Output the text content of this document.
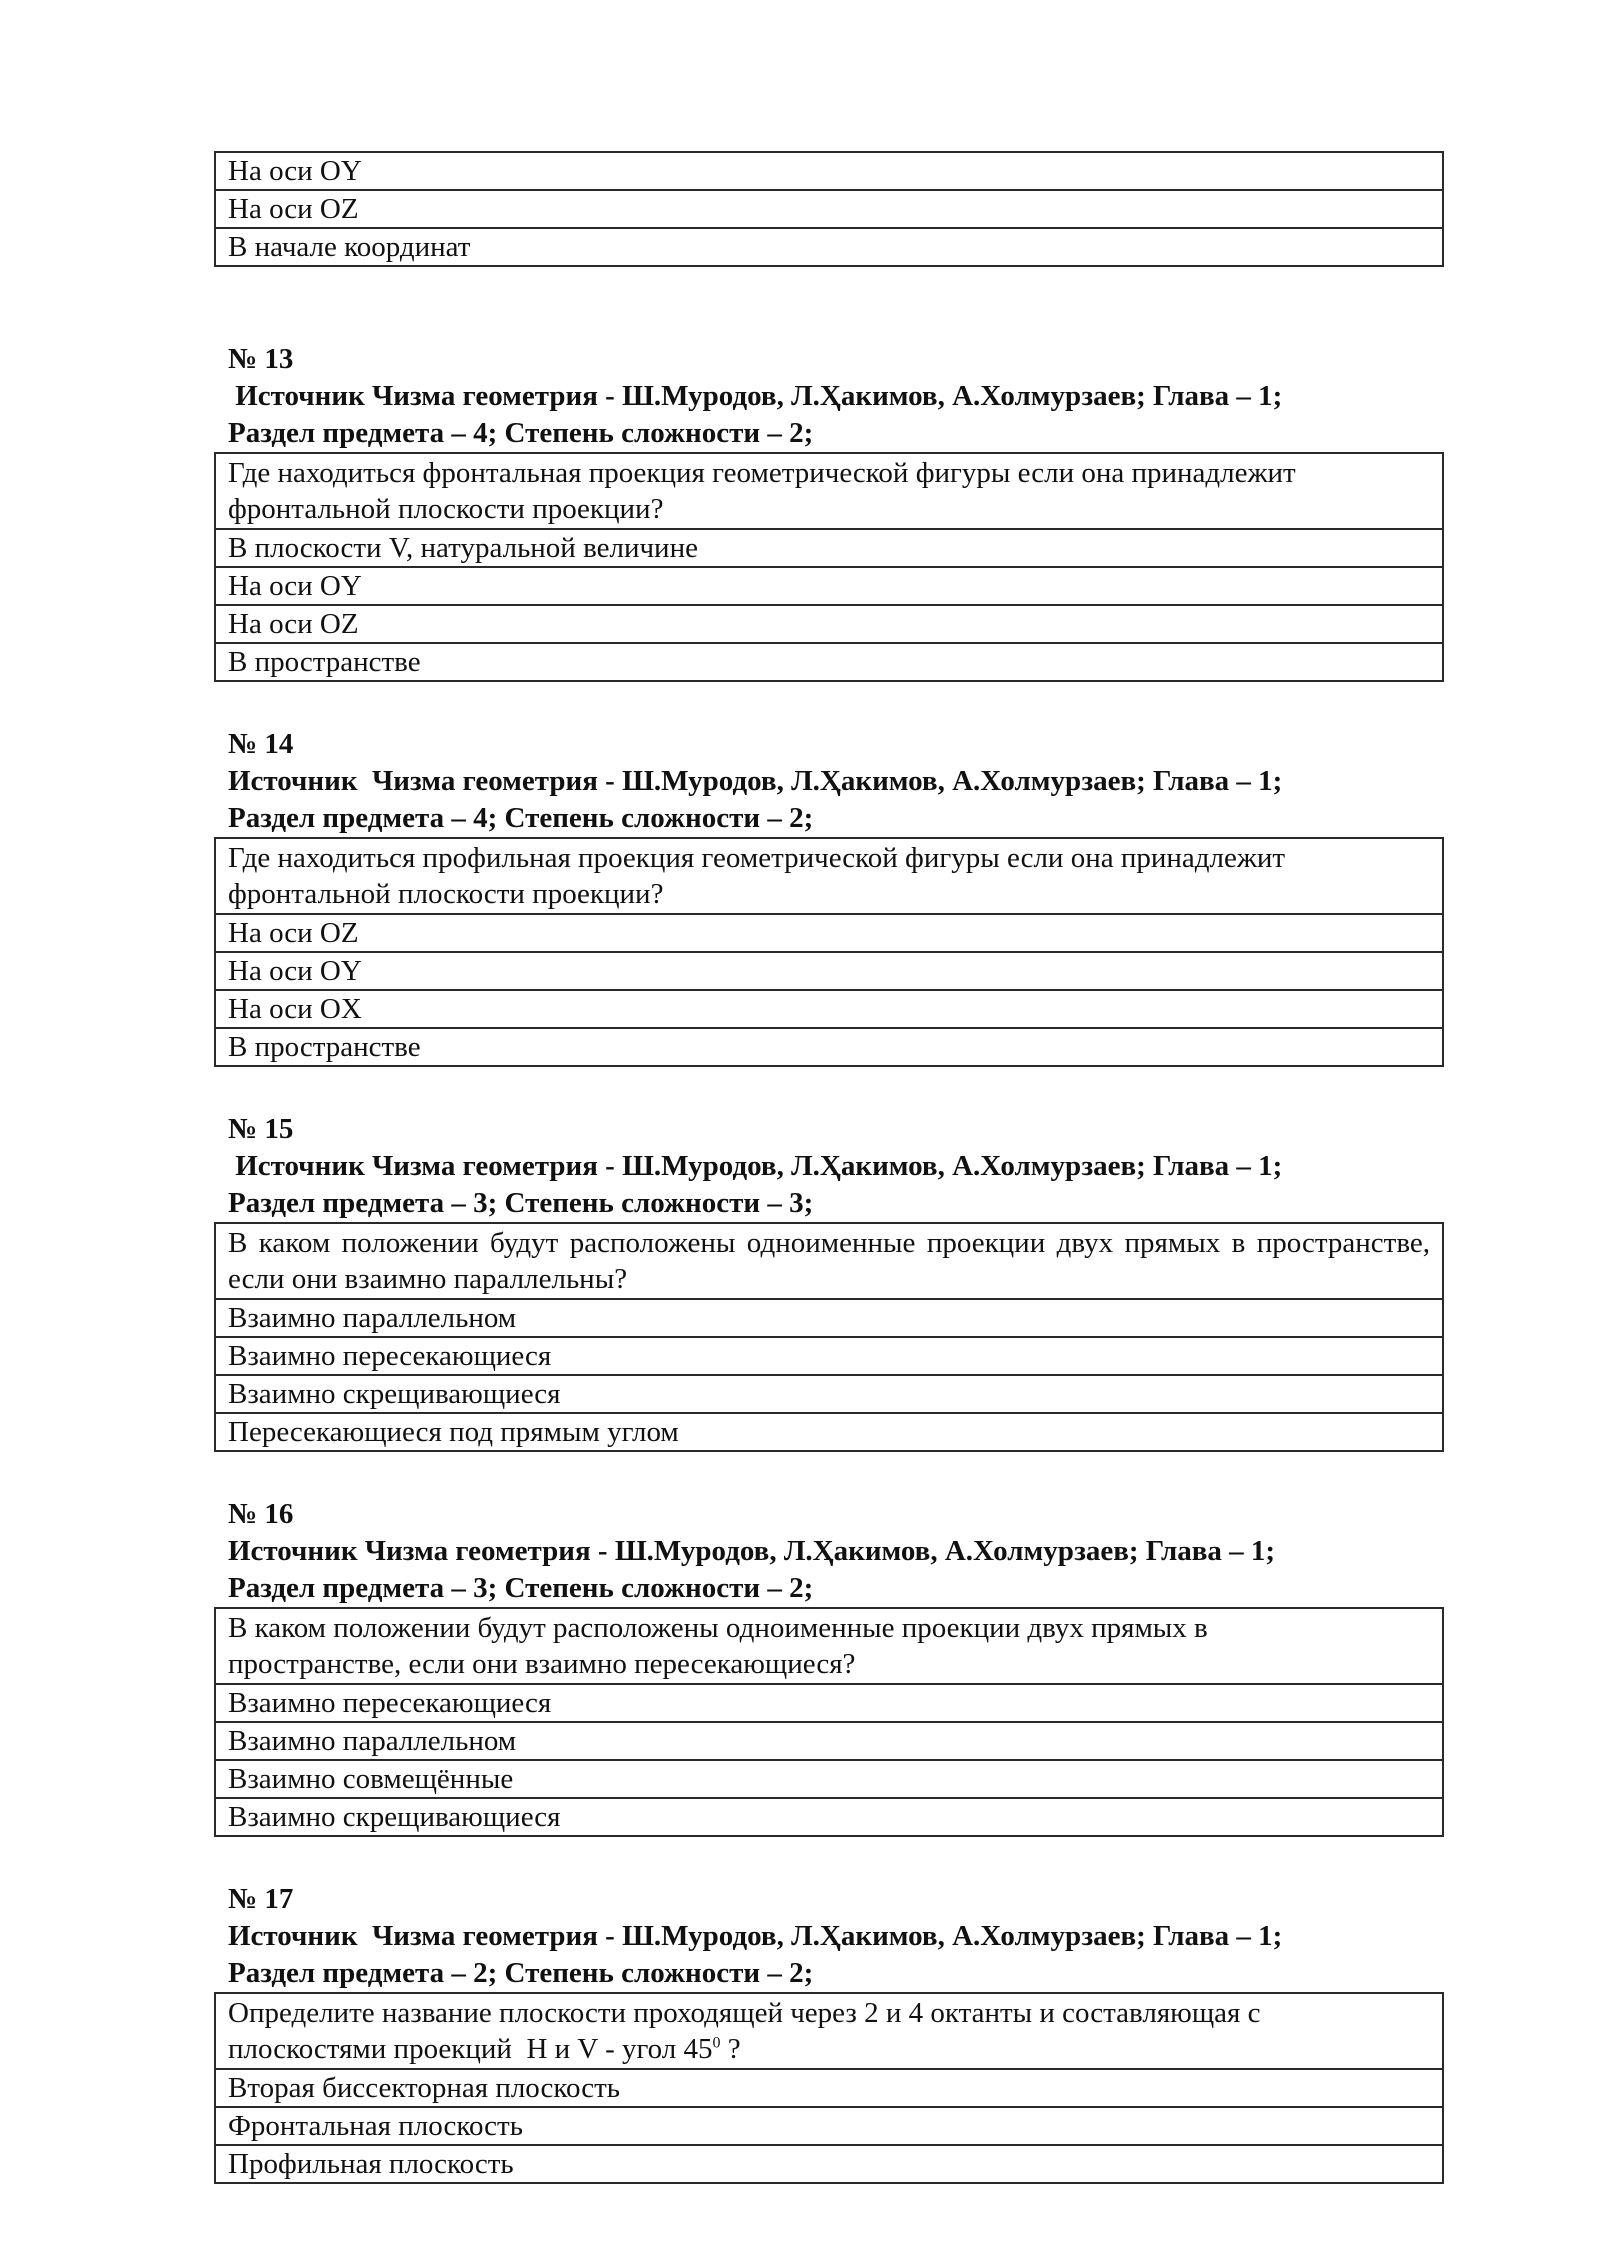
На оси OY
На оси OZ
В начале координат
№ 13
Источник Чизма геометрия - Ш.Муродов, Л.Ҳакимов, А.Холмурзаев; Глава – 1;
Раздел предмета – 4; Степень сложности – 2;
Где находиться фронтальная проекция геометрической фигуры если она принадлежит фронтальной плоскости проекции?
В плоскости V, натуральной величине
На оси OY
На оси OZ
В пространстве
№ 14
Источник  Чизма геометрия - Ш.Муродов, Л.Ҳакимов, А.Холмурзаев; Глава – 1;
Раздел предмета – 4; Степень сложности – 2;
Где находиться профильная проекция геометрической фигуры если она принадлежит фронтальной плоскости проекции?
На оси OZ
На оси OY
На оси OX
В пространстве
№ 15
Источник Чизма геометрия - Ш.Муродов, Л.Ҳакимов, А.Холмурзаев; Глава – 1;
Раздел предмета – 3; Степень сложности – 3;
В каком положении будут расположены одноименные проекции двух прямых в пространстве, если они взаимно параллельны?
Взаимно параллельном
Взаимно пересекающиеся
Взаимно скрещивающиеся
Пересекающиеся под прямым углом
№ 16
Источник Чизма геометрия - Ш.Муродов, Л.Ҳакимов, А.Холмурзаев; Глава – 1;
Раздел предмета – 3; Степень сложности – 2;
В каком положении будут расположены одноименные проекции двух прямых в пространстве, если они взаимно пересекающиеся?
Взаимно пересекающиеся
Взаимно параллельном
Взаимно совмещённые
Взаимно скрещивающиеся
№ 17
Источник  Чизма геометрия - Ш.Муродов, Л.Ҳакимов, А.Холмурзаев; Глава – 1;
Раздел предмета – 2; Степень сложности – 2;
Определите название плоскости проходящей через 2 и 4 октанты и составляющая с
плоскостями проекций  H и V - угол $45^0$ ?
Вторая биссекторная плоскость
Фронтальная плоскость
Профильная плоскость
